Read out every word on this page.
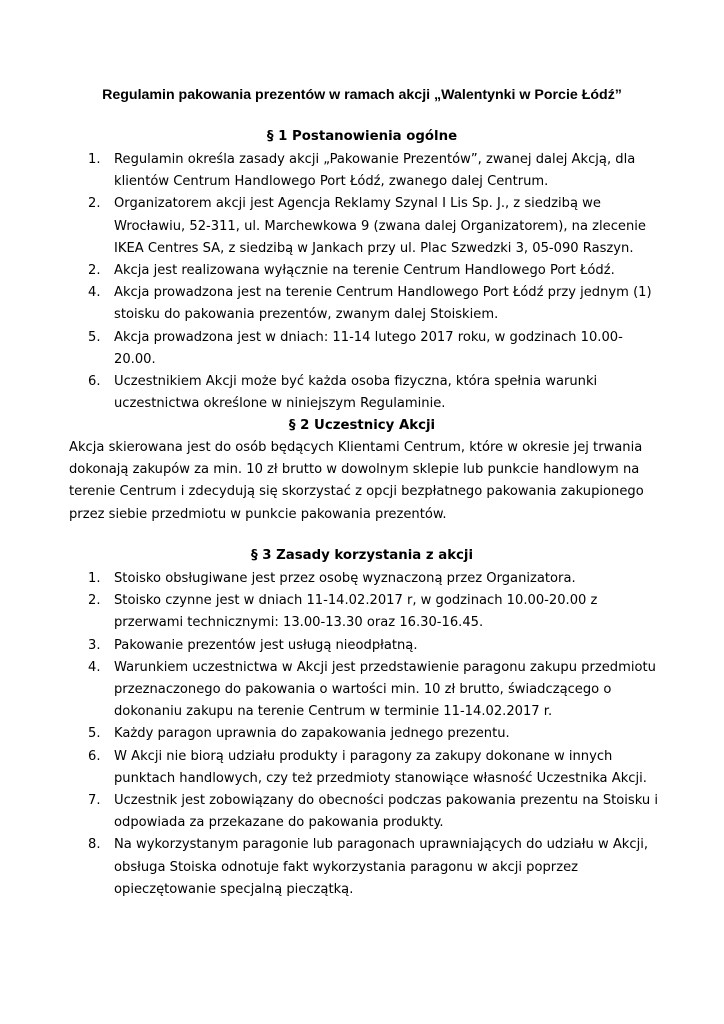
Regulamin pakowania prezentów w ramach akcji „Walentynki w Porcie Łódź”
§ 1 Postanowienia ogólne
1. Regulamin określa zasady akcji „Pakowanie Prezentów”, zwanej dalej Akcją, dla klientów Centrum Handlowego Port Łódź, zwanego dalej Centrum.
2. Organizatorem akcji jest Agencja Reklamy Szynal I Lis Sp. J., z siedzibą we Wrocławiu, 52-311, ul. Marchewkowa 9 (zwana dalej Organizatorem), na zlecenie IKEA Centres SA, z siedzibą w Jankach przy ul. Plac Szwedzki 3, 05-090 Raszyn.
2. Akcja jest realizowana wyłącznie na terenie Centrum Handlowego Port Łódź.
4. Akcja prowadzona jest na terenie Centrum Handlowego Port Łódź przy jednym (1) stoisku do pakowania prezentów, zwanym dalej Stoiskiem.
5. Akcja prowadzona jest w dniach: 11-14 lutego 2017 roku, w godzinach 10.00-20.00.
6. Uczestnikiem Akcji może być każda osoba fizyczna, która spełnia warunki uczestnictwa określone w niniejszym Regulaminie.
§ 2 Uczestnicy Akcji

Akcja skierowana jest do osób będących Klientami Centrum, które w okresie jej trwania dokonają zakupów za min. 10 zł brutto w dowolnym sklepie lub punkcie handlowym na terenie Centrum i zdecydują się skorzystać z opcji bezpłatnego pakowania zakupionego przez siebie przedmiotu w punkcie pakowania prezentów.

§ 3 Zasady korzystania z akcji
1. Stoisko obsługiwane jest przez osobę wyznaczoną przez Organizatora.
2. Stoisko czynne jest w dniach 11-14.02.2017 r, w godzinach 10.00-20.00 z przerwami technicznymi: 13.00-13.30 oraz 16.30-16.45.
3. Pakowanie prezentów jest usługą nieodpłatną.
4. Warunkiem uczestnictwa w Akcji jest przedstawienie paragonu zakupu przedmiotu przeznaczonego do pakowania o wartości min. 10 zł brutto, świadczącego o dokonaniu zakupu na terenie Centrum w terminie 11-14.02.2017 r.
5. Każdy paragon uprawnia do zapakowania jednego prezentu.
6. W Akcji nie biorą udziału produkty i paragony za zakupy dokonane w innych punktach handlowych, czy też przedmioty stanowiące własność Uczestnika Akcji.
7. Uczestnik jest zobowiązany do obecności podczas pakowania prezentu na Stoisku i odpowiada za przekazane do pakowania produkty.
8. Na wykorzystanym paragonie lub paragonach uprawniających do udziału w Akcji, obsługa Stoiska odnotuje fakt wykorzystania paragonu w akcji poprzez opieczętowanie specjalną pieczątką.
